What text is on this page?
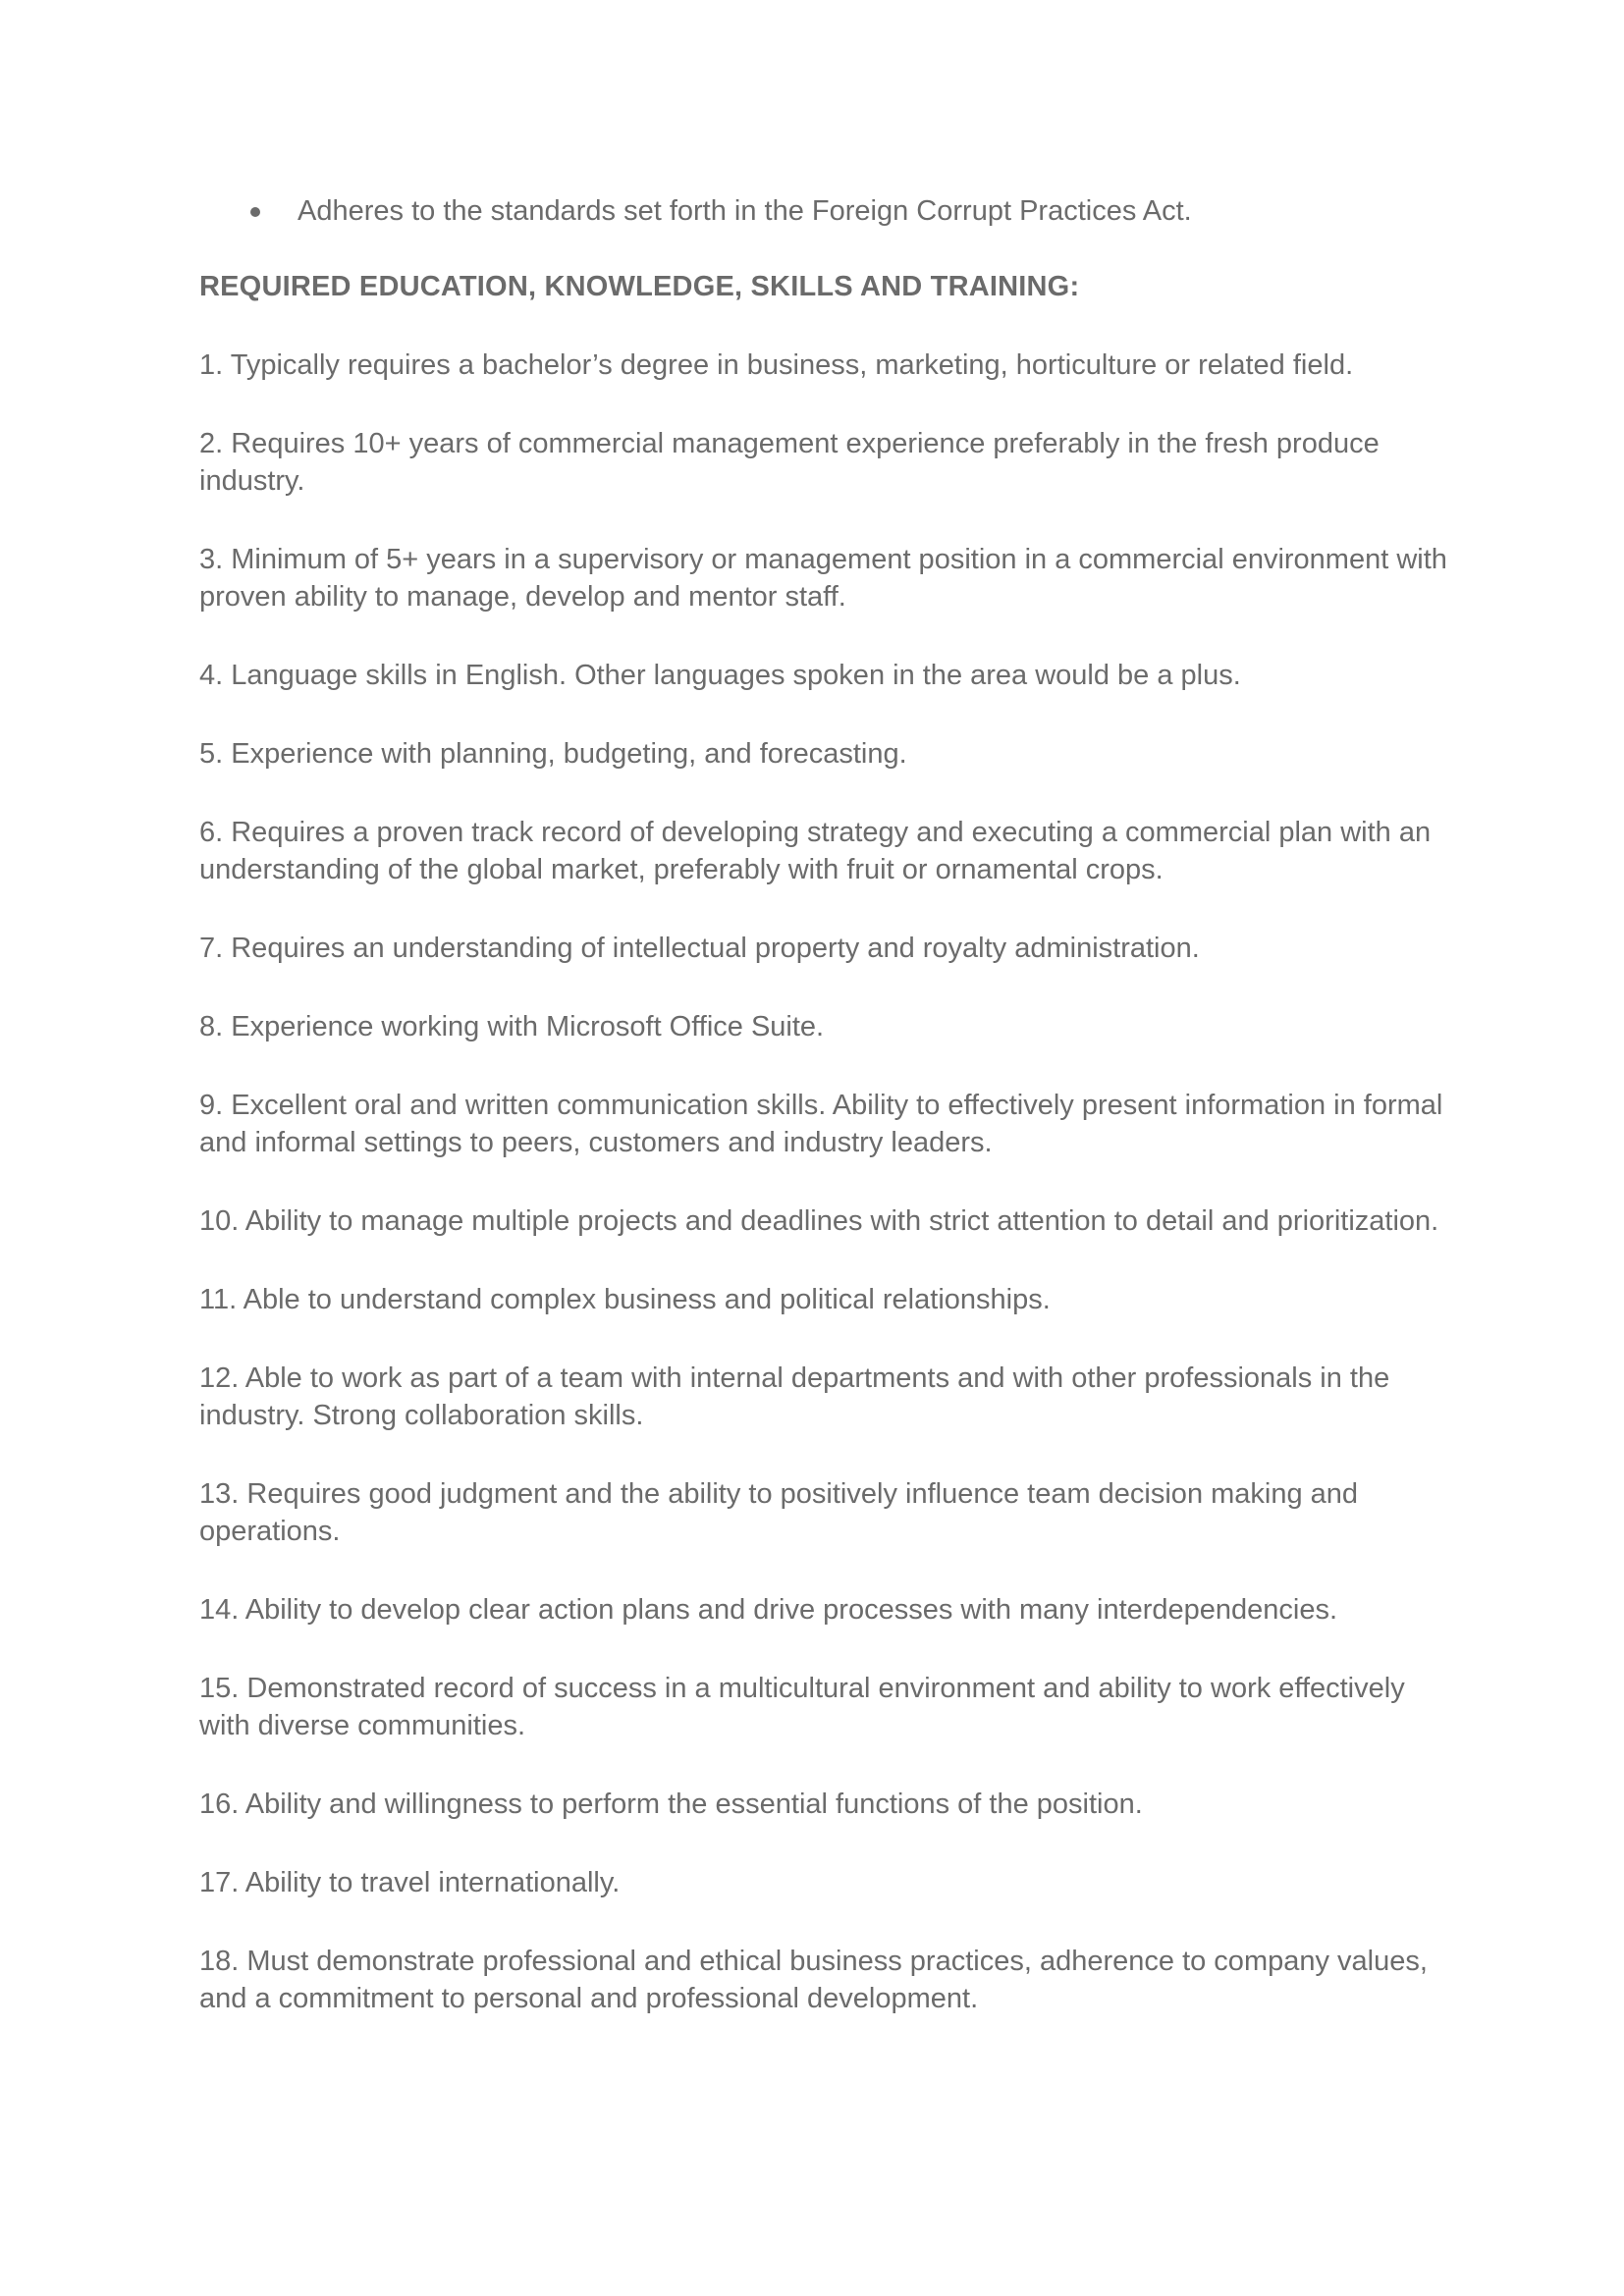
Adheres to the standards set forth in the Foreign Corrupt Practices Act.
REQUIRED EDUCATION, KNOWLEDGE, SKILLS AND TRAINING:
1. Typically requires a bachelor’s degree in business, marketing, horticulture or related field.
2. Requires 10+ years of commercial management experience preferably in the fresh produce industry.
3. Minimum of 5+ years in a supervisory or management position in a commercial environment with proven ability to manage, develop and mentor staff.
4. Language skills in English. Other languages spoken in the area would be a plus.
5. Experience with planning, budgeting, and forecasting.
6. Requires a proven track record of developing strategy and executing a commercial plan with an understanding of the global market, preferably with fruit or ornamental crops.
7. Requires an understanding of intellectual property and royalty administration.
8. Experience working with Microsoft Office Suite.
9. Excellent oral and written communication skills. Ability to effectively present information in formal and informal settings to peers, customers and industry leaders.
10. Ability to manage multiple projects and deadlines with strict attention to detail and prioritization.
11. Able to understand complex business and political relationships.
12. Able to work as part of a team with internal departments and with other professionals in the industry. Strong collaboration skills.
13. Requires good judgment and the ability to positively influence team decision making and operations.
14. Ability to develop clear action plans and drive processes with many interdependencies.
15. Demonstrated record of success in a multicultural environment and ability to work effectively with diverse communities.
16. Ability and willingness to perform the essential functions of the position.
17. Ability to travel internationally.
18. Must demonstrate professional and ethical business practices, adherence to company values, and a commitment to personal and professional development.
